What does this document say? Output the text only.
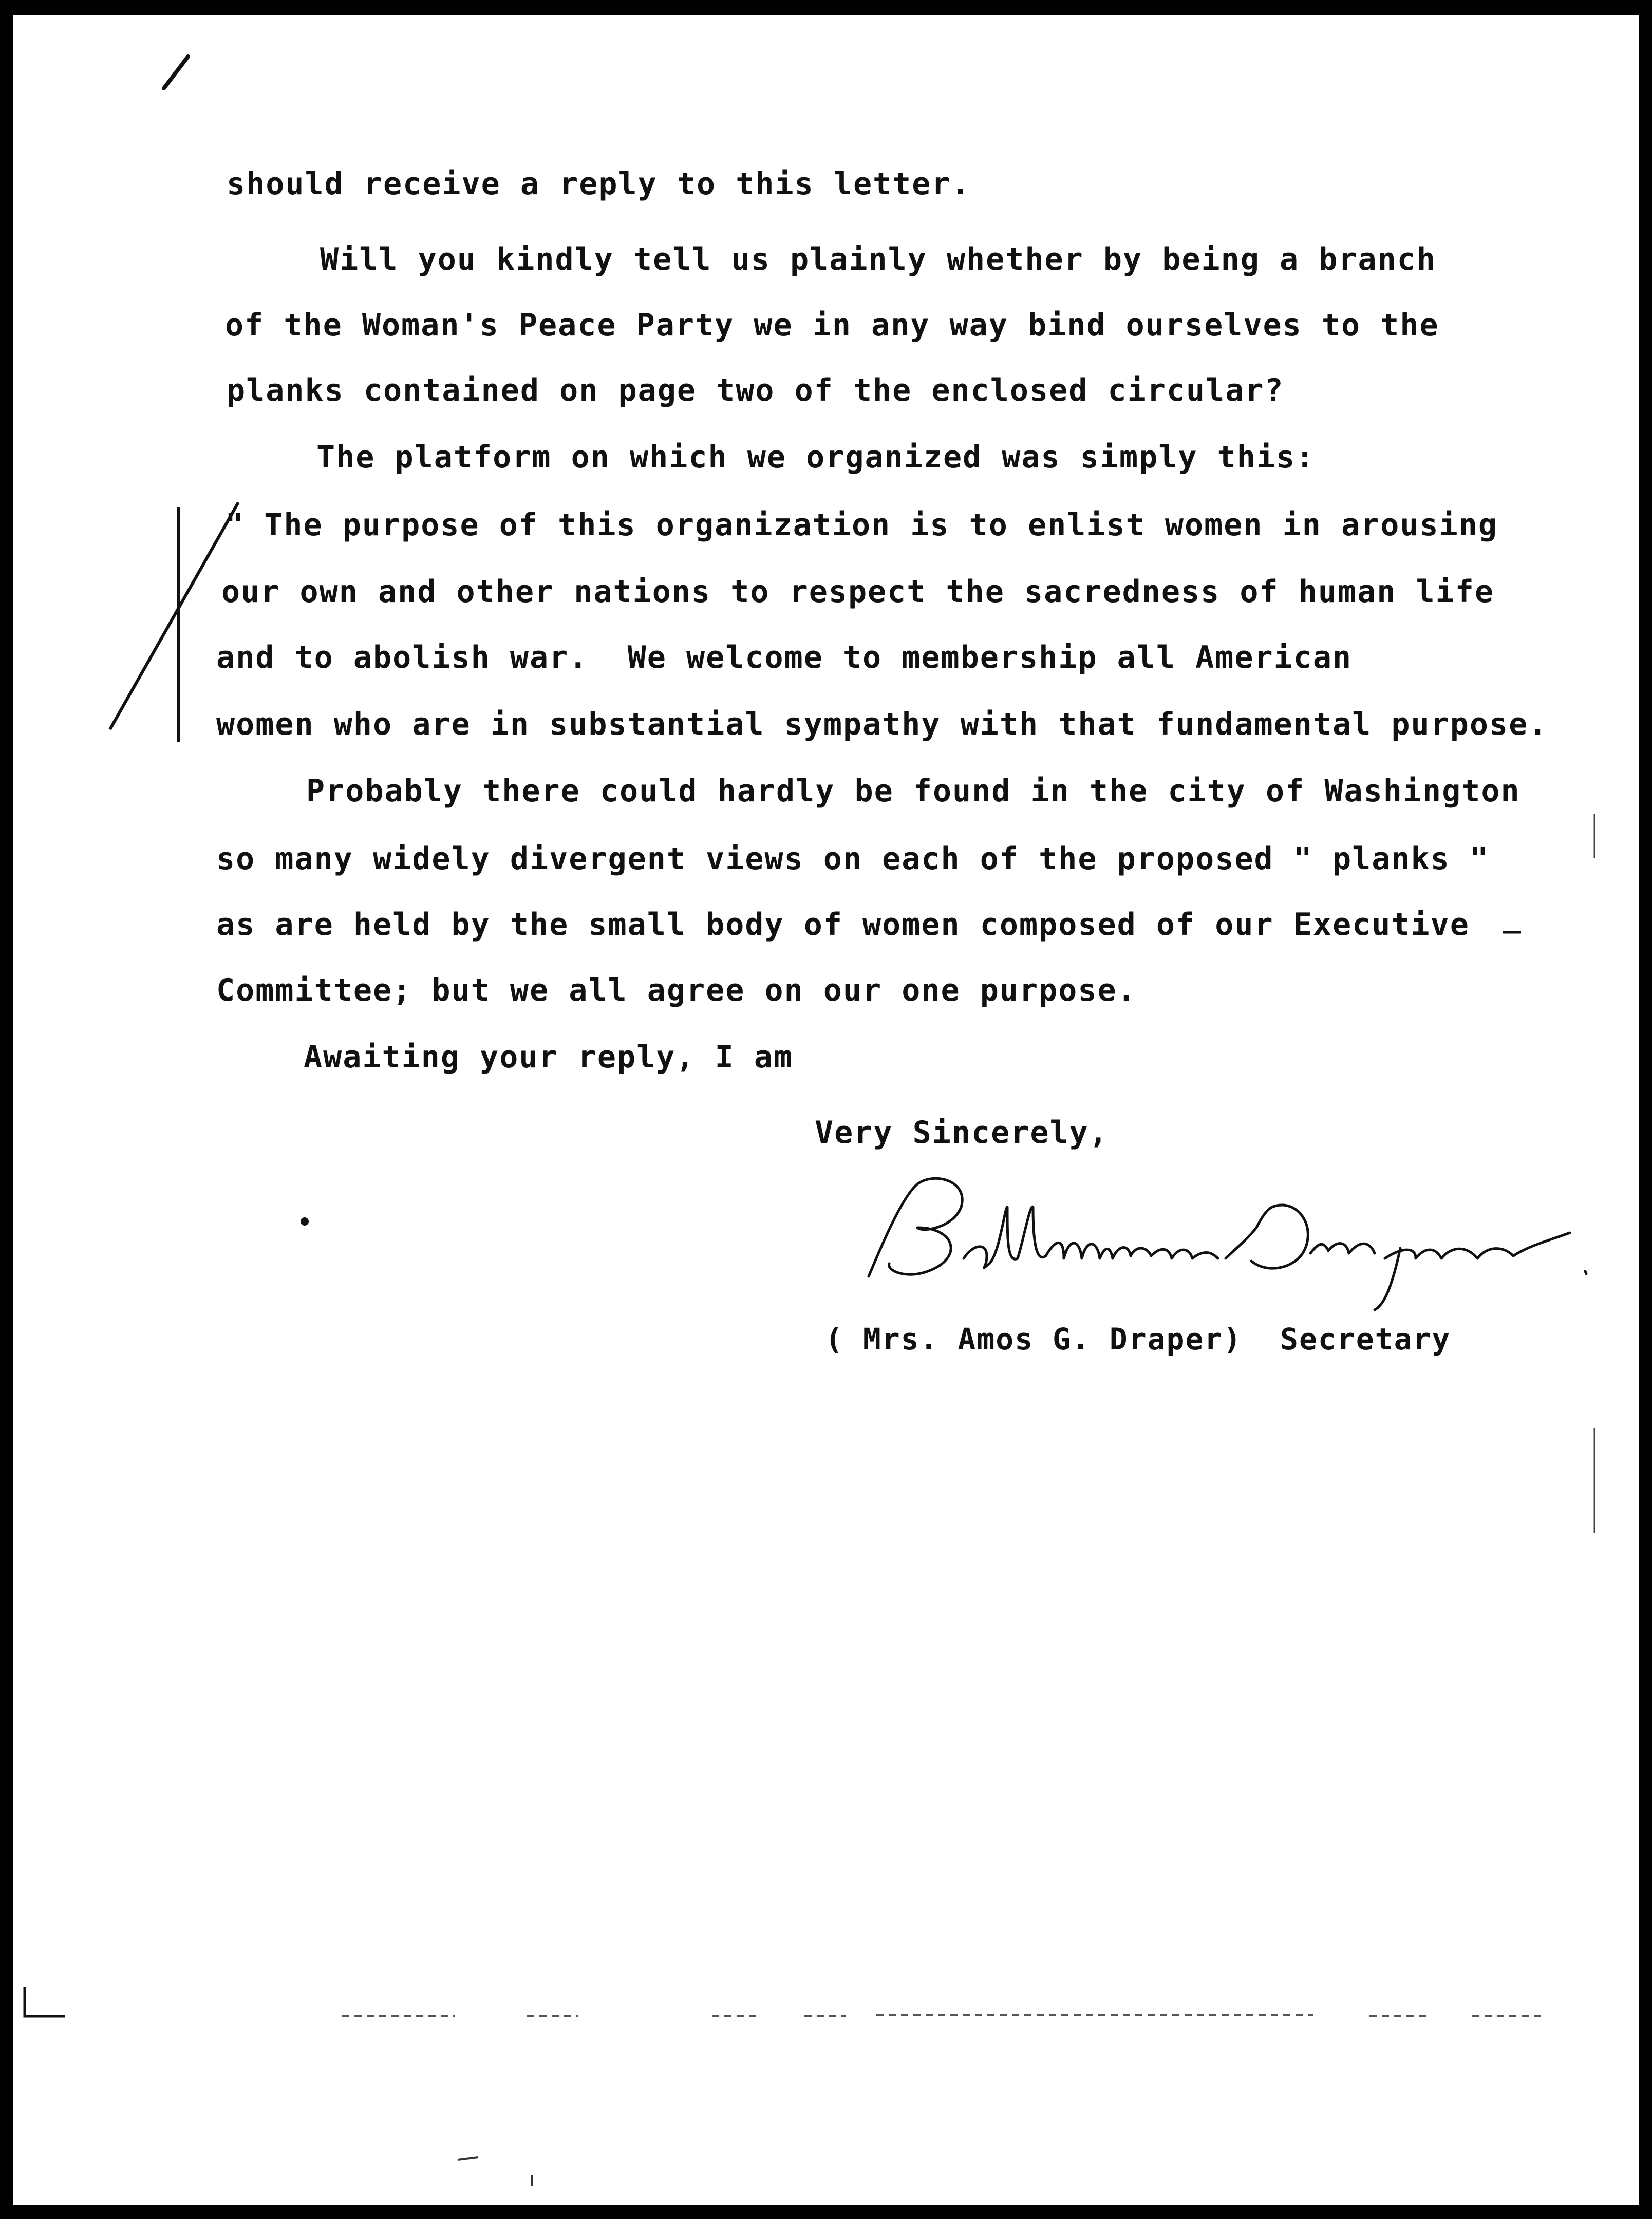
should receive a reply to this letter.

Will you kindly tell us plainly whether by being a branch

of the Woman's Peace Party we in any way bind ourselves to the

planks contained on page two of the enclosed circular?

The platform on which we organized was simply this:

" The purpose of this organization is to enlist women in arousing

our own and other nations to respect the sacredness of human life

and to abolish war.  We welcome to membership all American

women who are in substantial sympathy with that fundamental purpose.

Probably there could hardly be found in the city of Washington

so many widely divergent views on each of the proposed " planks "

as are held by the small body of women composed of our Executive

Committee; but we all agree on our one purpose.

Awaiting your reply, I am

Very Sincerely,

( Mrs. Amos G. Draper)  Secretary
